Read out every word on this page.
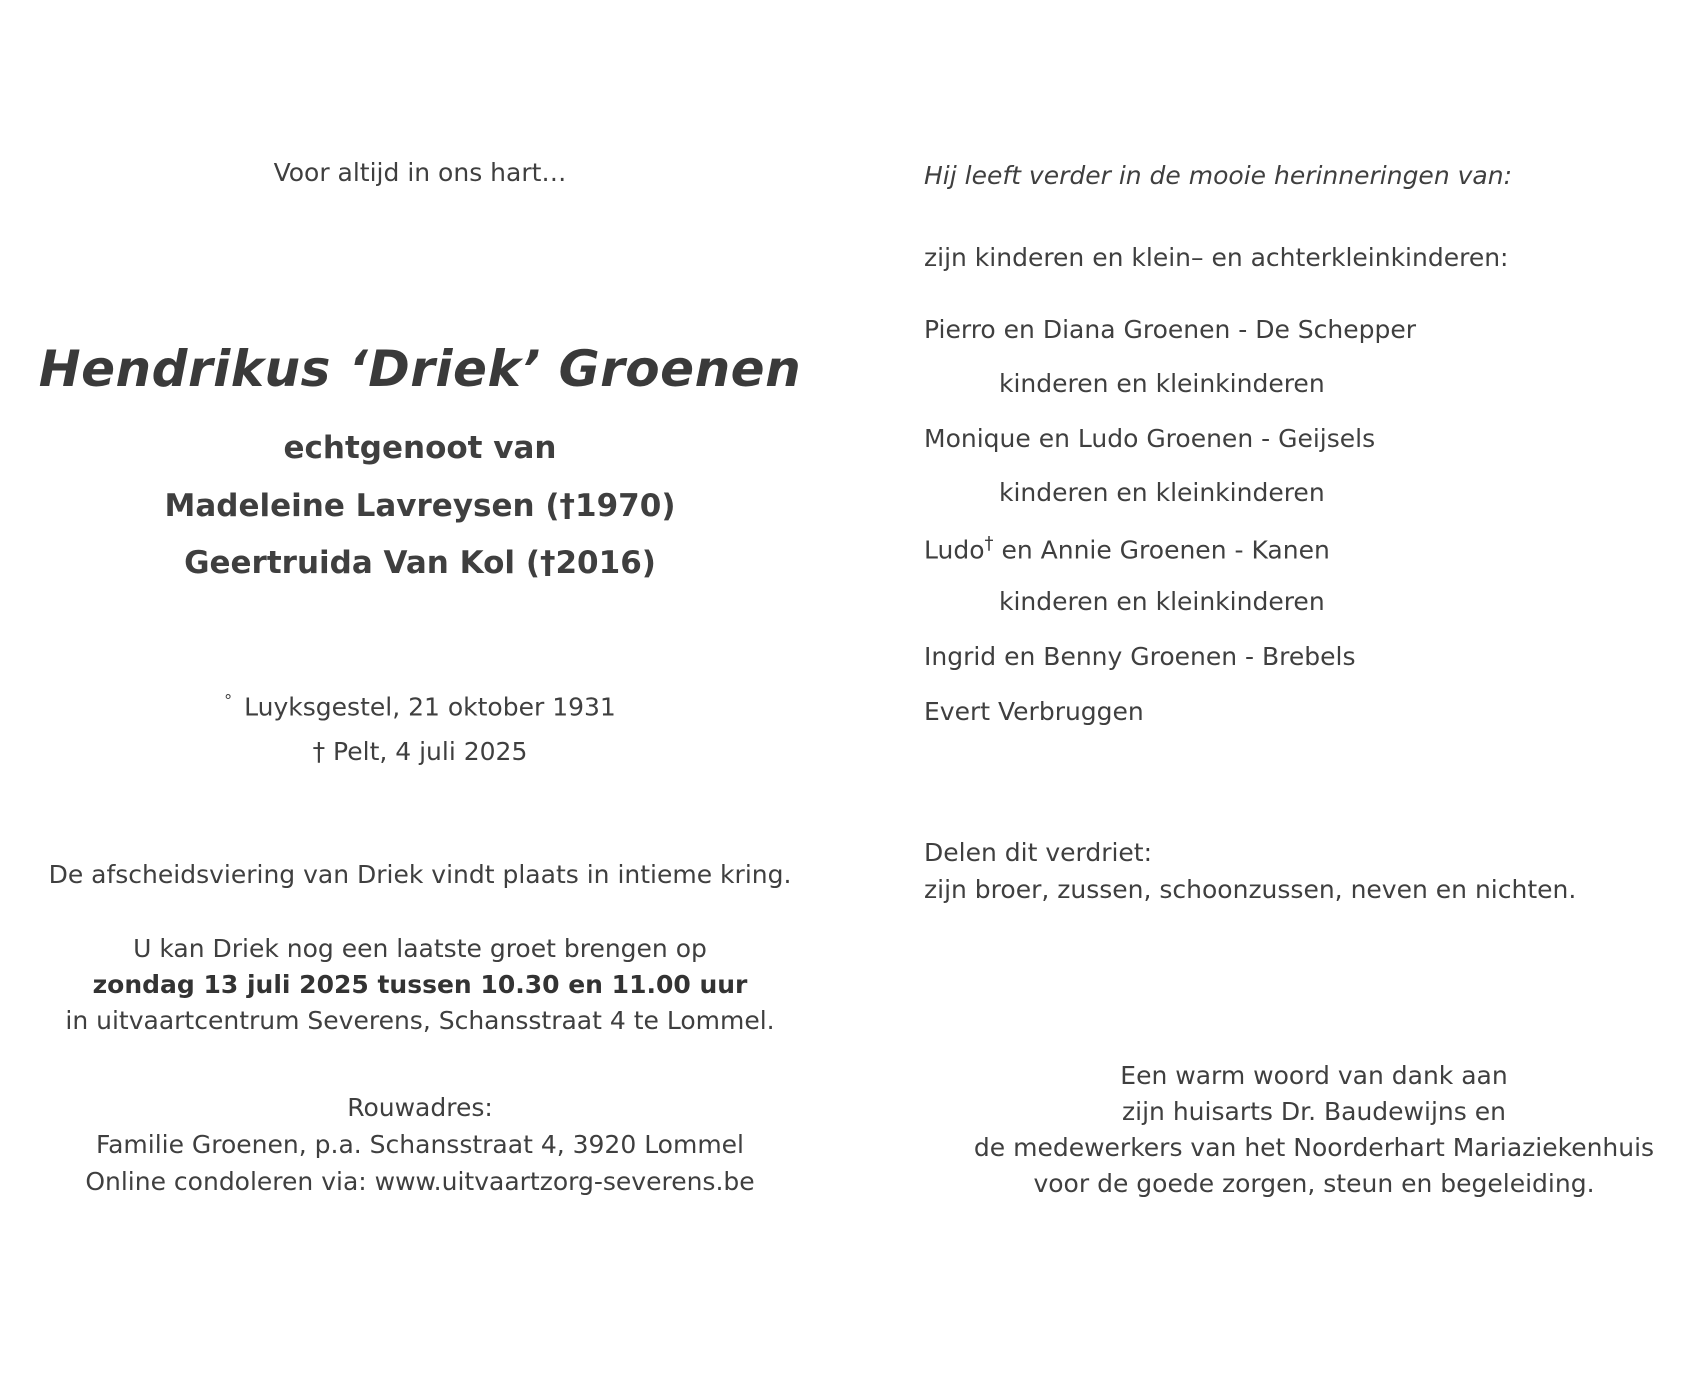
Voor altijd in ons hart…
Hendrikus ‘Driek’ Groenen
echtgenoot van
Madeleine Lavreysen (†1970)
Geertruida Van Kol (†2016)
° Luyksgestel, 21 oktober 1931
† Pelt, 4 juli 2025
De afscheidsviering van Driek vindt plaats in intieme kring.
U kan Driek nog een laatste groet brengen op
zondag 13 juli 2025 tussen 10.30 en 11.00 uur
in uitvaartcentrum Severens, Schansstraat 4 te Lommel.
Rouwadres:
Familie Groenen, p.a. Schansstraat 4, 3920 Lommel
Online condoleren via: www.uitvaartzorg-severens.be
Hij leeft verder in de mooie herinneringen van:
zijn kinderen en klein– en achterkleinkinderen:
Pierro en Diana Groenen - De Schepper
kinderen en kleinkinderen
Monique en Ludo Groenen - Geijsels
kinderen en kleinkinderen
Ludo† en Annie Groenen - Kanen
kinderen en kleinkinderen
Ingrid en Benny Groenen - Brebels
Evert Verbruggen
Delen dit verdriet:
zijn broer, zussen, schoonzussen, neven en nichten.
Een warm woord van dank aan
zijn huisarts Dr. Baudewijns en
de medewerkers van het Noorderhart Mariaziekenhuis
voor de goede zorgen, steun en begeleiding.
